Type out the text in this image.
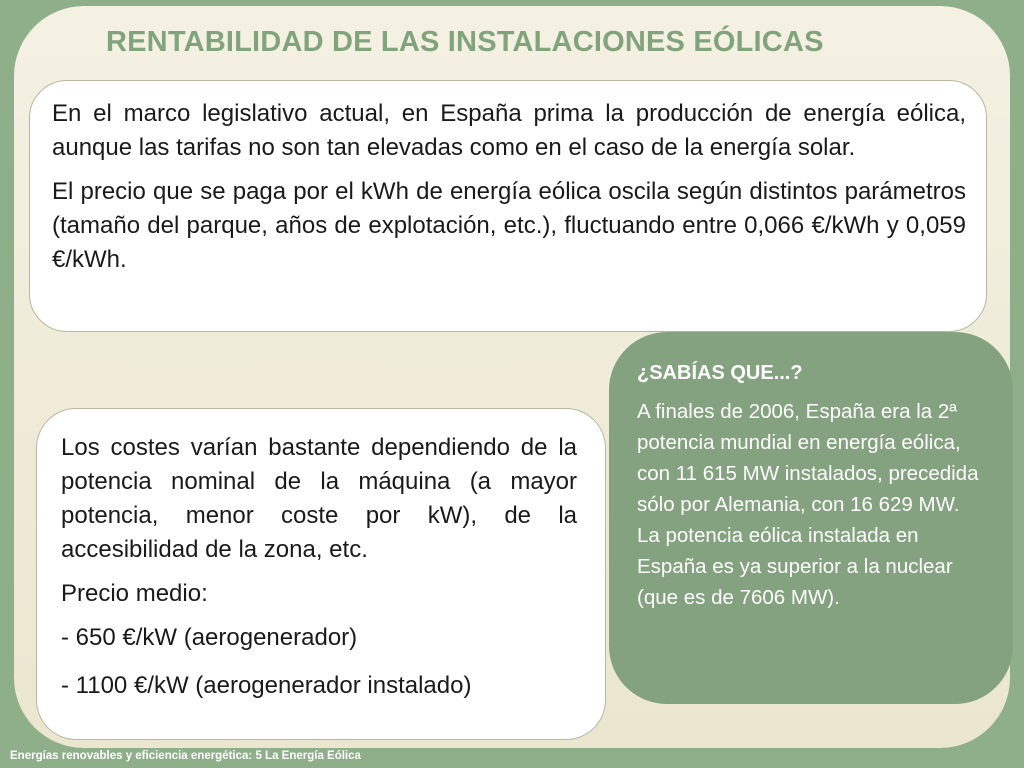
RENTABILIDAD DE LAS INSTALACIONES EÓLICAS

En el marco legislativo actual, en España prima la producción de energía eólica, aunque las tarifas no son tan elevadas como en el caso de la energía solar.

El precio que se paga por el kWh de energía eólica oscila según distintos parámetros (tamaño del parque, años de explotación, etc.), fluctuando entre 0,066 €/kWh y 0,059 €/kWh.

Los costes varían bastante dependiendo de la potencia nominal de la máquina (a mayor potencia, menor coste por kW), de la accesibilidad de la zona, etc.

Precio medio:

- 650 €/kW (aerogenerador)

- 1100 €/kW (aerogenerador instalado)

¿SABÍAS QUE...?

A finales de 2006, España era la 2ª potencia mundial en energía eólica, con 11 615 MW instalados, precedida sólo por Alemania, con 16 629 MW. La potencia eólica instalada en España es ya superior a la nuclear (que es de 7606 MW).

Energías renovables y eficiencia energética: 5 La Energía Eólica
